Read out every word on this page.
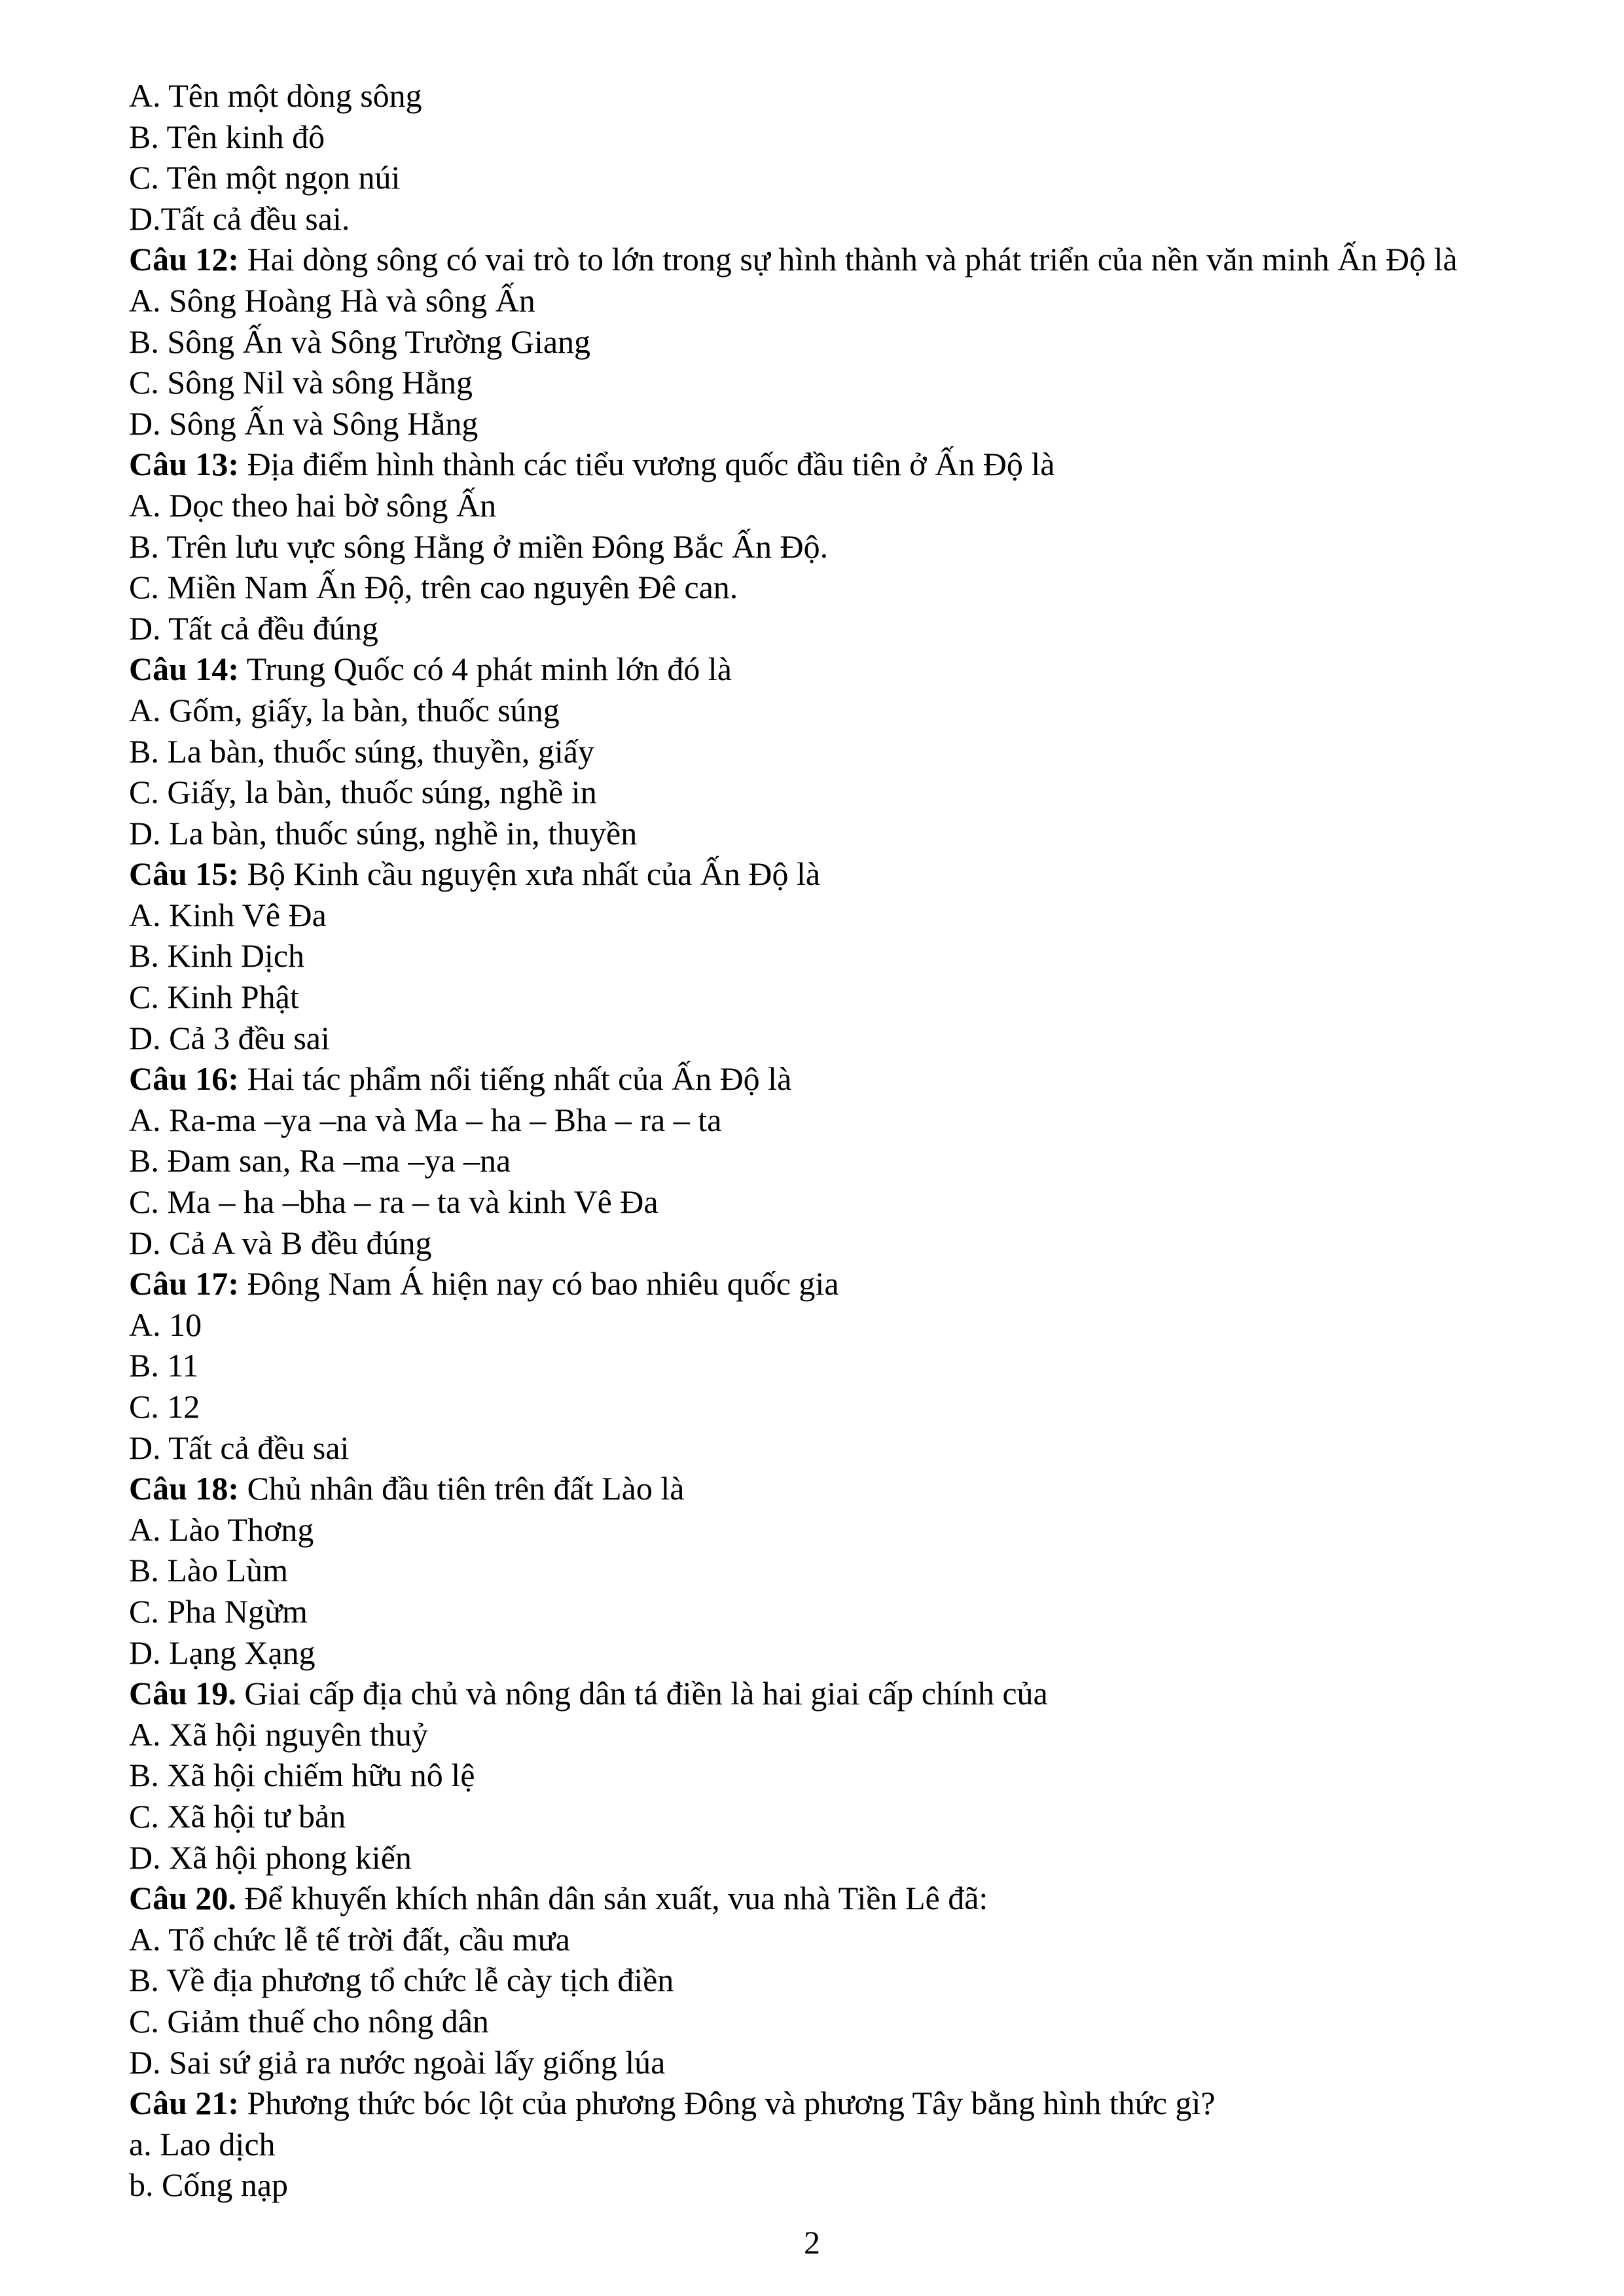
A. Tên một dòng sông
B. Tên kinh đô
C. Tên một ngọn núi
D.Tất cả đều sai.
Câu 12: Hai dòng sông có vai trò to lớn trong sự hình thành và phát triển của nền văn minh Ấn Độ là
A. Sông Hoàng Hà và sông Ấn
B. Sông Ấn và Sông Trường Giang
C. Sông Nil và sông Hằng
D. Sông Ấn và Sông Hằng
Câu 13: Địa điểm hình thành các tiểu vương quốc đầu tiên ở Ấn Độ là
A. Dọc theo hai bờ sông Ấn
B. Trên lưu vực sông Hằng ở miền Đông Bắc Ấn Độ.
C. Miền Nam Ấn Độ, trên cao nguyên Đê can.
D. Tất cả đều đúng
Câu 14: Trung Quốc có 4 phát minh lớn đó là
A. Gốm, giấy, la bàn, thuốc súng
B. La bàn, thuốc súng, thuyền, giấy
C. Giấy, la bàn, thuốc súng, nghề in
D. La bàn, thuốc súng, nghề in, thuyền
Câu 15: Bộ Kinh cầu nguyện xưa nhất của Ấn Độ là
A. Kinh Vê Đa
B. Kinh Dịch
C. Kinh Phật
D. Cả 3 đều sai
Câu 16: Hai tác phẩm nổi tiếng nhất của Ấn Độ là
A. Ra-ma –ya –na và Ma – ha – Bha – ra – ta
B. Đam san, Ra –ma –ya –na
C. Ma – ha –bha – ra – ta và kinh Vê Đa
D. Cả A và B đều đúng
Câu 17: Đông Nam Á hiện nay có bao nhiêu quốc gia
A. 10
B. 11
C. 12
D. Tất cả đều sai
Câu 18: Chủ nhân đầu tiên trên đất Lào là
A. Lào Thơng
B. Lào Lùm
C. Pha Ngừm
D. Lạng Xạng
Câu 19. Giai cấp địa chủ và nông dân tá điền là hai giai cấp chính của
A. Xã hội nguyên thuỷ
B. Xã hội chiếm hữu nô lệ
C. Xã hội tư bản
D. Xã hội phong kiến
Câu 20. Để khuyến khích nhân dân sản xuất, vua nhà Tiền Lê đã:
A. Tổ chức lễ tế trời đất, cầu mưa
B. Về địa phương tổ chức lễ cày tịch điền
C. Giảm thuế cho nông dân
D. Sai sứ giả ra nước ngoài lấy giống lúa
Câu 21: Phương thức bóc lột của phương Đông và phương Tây bằng hình thức gì?
a. Lao dịch
b. Cống nạp
2
